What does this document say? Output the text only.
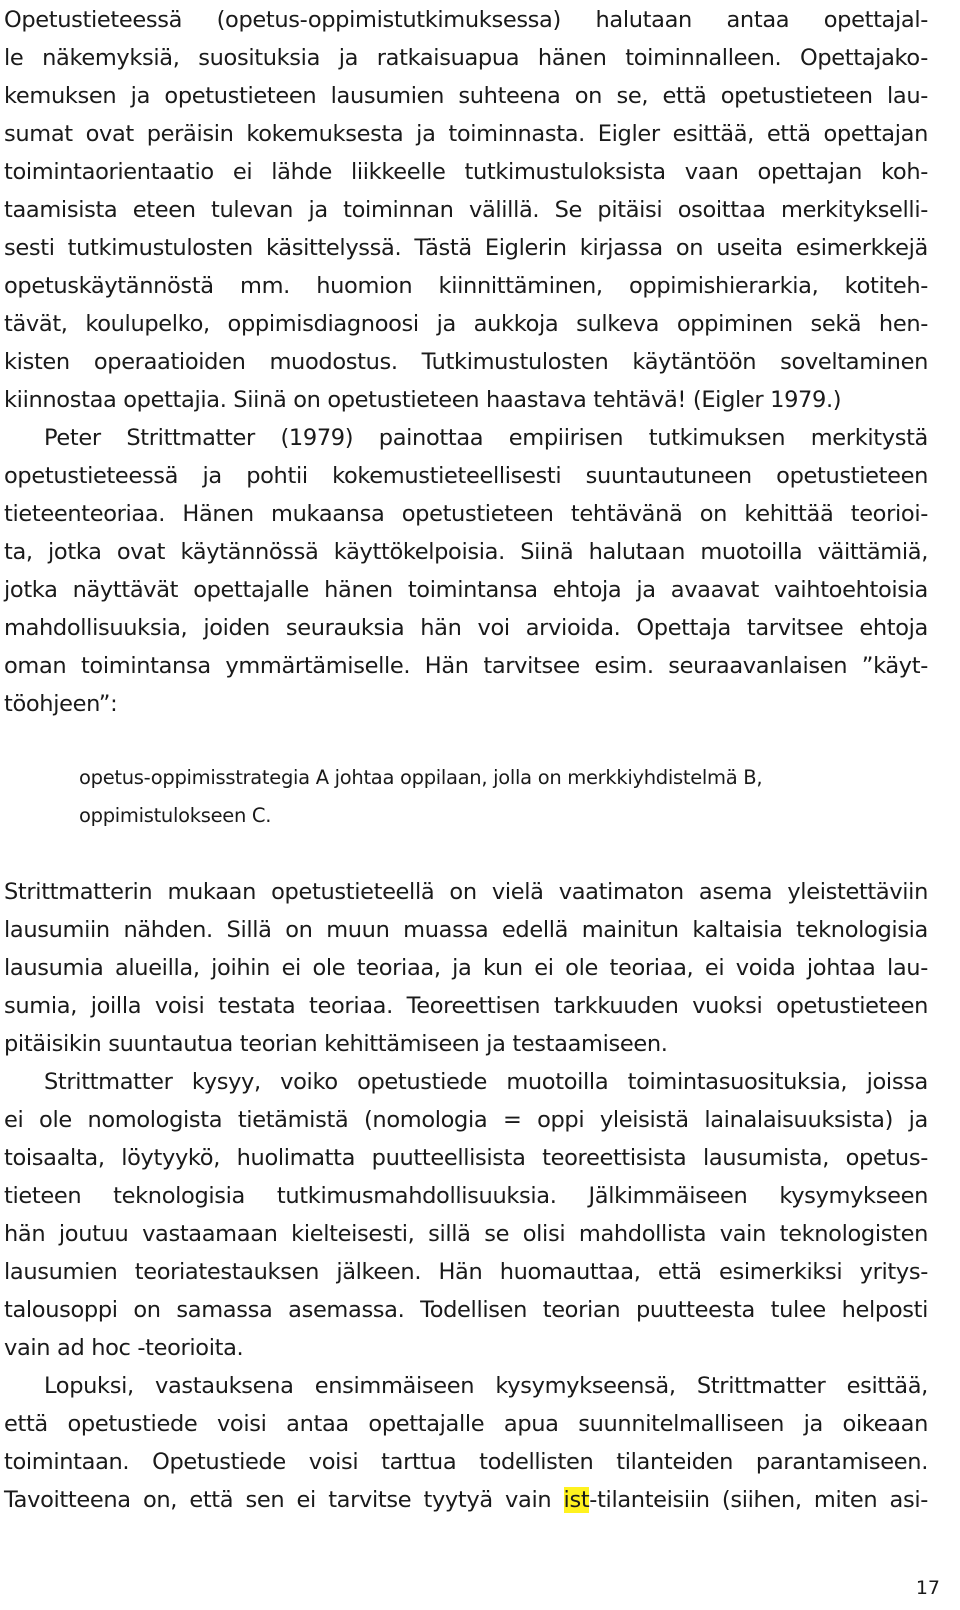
Opetustieteessä (opetus-oppimistutkimuksessa) halutaan antaa opettajal-
le näkemyksiä, suosituksia ja ratkaisuapua hänen toiminnalleen. Opettajako-
kemuksen ja opetustieteen lausumien suhteena on se, että opetustieteen lau-
sumat ovat peräisin kokemuksesta ja toiminnasta. Eigler esittää, että opettajan
toimintaorientaatio ei lähde liikkeelle tutkimustuloksista vaan opettajan koh-
taamisista eteen tulevan ja toiminnan välillä. Se pitäisi osoittaa merkitykselli-
sesti tutkimustulosten käsittelyssä. Tästä Eiglerin kirjassa on useita esimerkkejä
opetuskäytännöstä mm. huomion kiinnittäminen, oppimishierarkia, kotiteh-
tävät, koulupelko, oppimisdiagnoosi ja aukkoja sulkeva oppiminen sekä hen-
kisten operaatioiden muodostus. Tutkimustulosten käytäntöön soveltaminen
kiinnostaa opettajia. Siinä on opetustieteen haastava tehtävä! (Eigler 1979.)
Peter Strittmatter (1979) painottaa empiirisen tutkimuksen merkitystä
opetustieteessä ja pohtii kokemustieteellisesti suuntautuneen opetustieteen
tieteenteoriaa. Hänen mukaansa opetustieteen tehtävänä on kehittää teorioi-
ta, jotka ovat käytännössä käyttökelpoisia. Siinä halutaan muotoilla väittämiä,
jotka näyttävät opettajalle hänen toimintansa ehtoja ja avaavat vaihtoehtoisia
mahdollisuuksia, joiden seurauksia hän voi arvioida. Opettaja tarvitsee ehtoja
oman toimintansa ymmärtämiselle. Hän tarvitsee esim. seuraavanlaisen ”käyt-
töohjeen”:
opetus-oppimisstrategia A johtaa oppilaan, jolla on merkkiyhdistelmä B,
oppimistulokseen C.
Strittmatterin mukaan opetustieteellä on vielä vaatimaton asema yleistettäviin
lausumiin nähden. Sillä on muun muassa edellä mainitun kaltaisia teknologisia
lausumia alueilla, joihin ei ole teoriaa, ja kun ei ole teoriaa, ei voida johtaa lau-
sumia, joilla voisi testata teoriaa. Teoreettisen tarkkuuden vuoksi opetustieteen
pitäisikin suuntautua teorian kehittämiseen ja testaamiseen.
Strittmatter kysyy, voiko opetustiede muotoilla toimintasuosituksia, joissa
ei ole nomologista tietämistä (nomologia = oppi yleisistä lainalaisuuksista) ja
toisaalta, löytyykö, huolimatta puutteellisista teoreettisista lausumista, opetus-
tieteen teknologisia tutkimusmahdollisuuksia. Jälkimmäiseen kysymykseen
hän joutuu vastaamaan kielteisesti, sillä se olisi mahdollista vain teknologisten
lausumien teoriatestauksen jälkeen. Hän huomauttaa, että esimerkiksi yritys-
talousoppi on samassa asemassa. Todellisen teorian puutteesta tulee helposti
vain ad hoc -teorioita.
Lopuksi, vastauksena ensimmäiseen kysymykseensä, Strittmatter esittää,
että opetustiede voisi antaa opettajalle apua suunnitelmalliseen ja oikeaan
toimintaan. Opetustiede voisi tarttua todellisten tilanteiden parantamiseen.
Tavoitteena on, että sen ei tarvitse tyytyä vain ist-tilanteisiin (siihen, miten asi-
17
